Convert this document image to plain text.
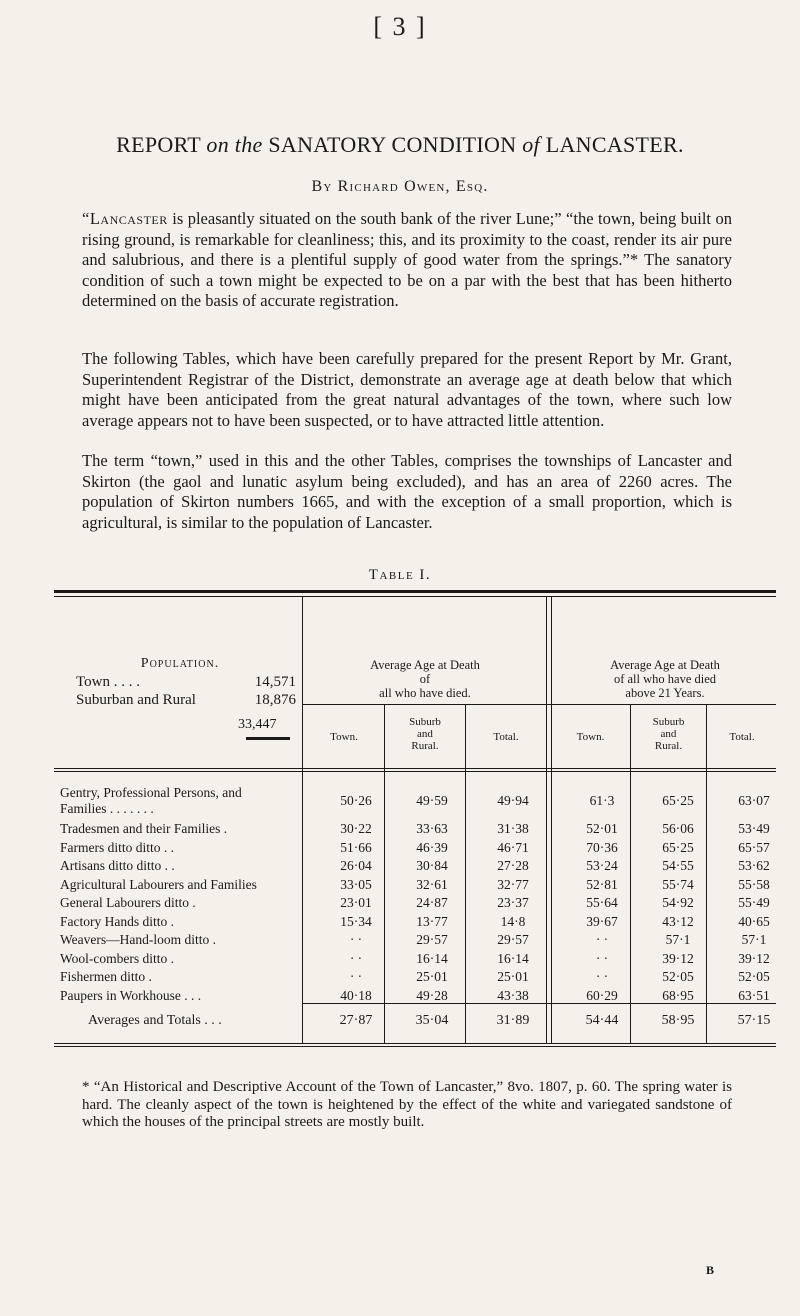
[ 3 ]
REPORT on the SANATORY CONDITION of LANCASTER.
By Richard Owen, Esq.
“Lancaster is pleasantly situated on the south bank of the river Lune;” “the town, being built on rising ground, is remarkable for cleanliness; this, and its proximity to the coast, render its air pure and salubrious, and there is a plentiful supply of good water from the springs.”* The sanatory condition of such a town might be expected to be on a par with the best that has been hitherto determined on the basis of accurate registration.
The following Tables, which have been carefully prepared for the present Report by Mr. Grant, Superintendent Registrar of the District, demonstrate an average age at death below that which might have been anticipated from the great natural advantages of the town, where such low average appears not to have been suspected, or to have attracted little attention.
The term “town,” used in this and the other Tables, comprises the townships of Lancaster and Skirton (the gaol and lunatic asylum being excluded), and has an area of 2260 acres. The population of Skirton numbers 1665, and with the exception of a small proportion, which is agricultural, is similar to the population of Lancaster.
Table I.
Population.
Town . . . .	14,571
Suburban and Rural	18,876
33,447
Average Age at Death
of
all who have died.
Average Age at Death
of all who have died
above 21 Years.
Town.
Suburb
and
Rural.
Total.	Town.
Suburb
and
Rural.
Total.
Gentry, Professional Persons, and
Families . . . . . . .
50·26	49·59	49·94	61·3	65·25	63·07
Tradesmen and their Families .	30·22	33·63	31·38	52·01	56·06	53·49
Farmers ditto ditto . .	51·66	46·39	46·71	70·36	65·25	65·57
Artisans ditto ditto . .	26·04	30·84	27·28	53·24	54·55	53·62
Agricultural Labourers and Families	33·05	32·61	32·77	52·81	55·74	55·58
General Labourers ditto .	23·01	24·87	23·37	55·64	54·92	55·49
Factory Hands ditto .	15·34	13·77	14·8	39·67	43·12	40·65
Weavers—Hand-loom ditto .	· ·	29·57	29·57	· ·	57·1	57·1
Wool-combers ditto .	· ·	16·14	16·14	· ·	39·12	39·12
Fishermen ditto .	· ·	25·01	25·01	· ·	52·05	52·05
Paupers in Workhouse . . .	40·18	49·28	43·38	60·29	68·95	63·51
Averages and Totals . . .	27·87	35·04	31·89	54·44	58·95	57·15
* “An Historical and Descriptive Account of the Town of Lancaster,” 8vo. 1807, p. 60. The spring water is hard. The cleanly aspect of the town is heightened by the effect of the white and variegated sandstone of which the houses of the principal streets are mostly built.
B
